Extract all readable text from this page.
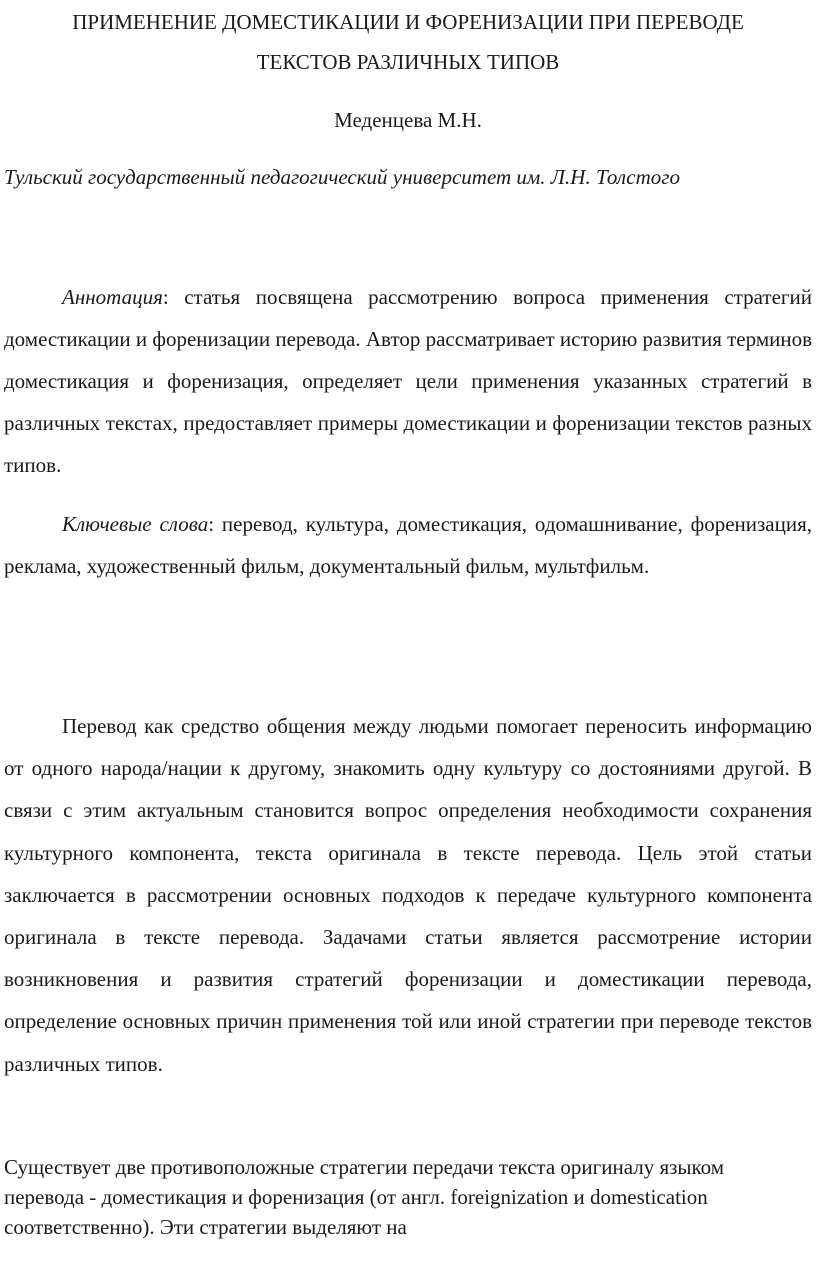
ПРИМЕНЕНИЕ ДОМЕСТИКАЦИИ И ФОРЕНИЗАЦИИ ПРИ ПЕРЕВОДЕ
ТЕКСТОВ РАЗЛИЧНЫХ ТИПОВ

Меденцева М.Н.

Тульский государственный педагогический университет им. Л.Н. Толстого

Аннотация: статья посвящена рассмотрению вопроса применения стратегий доместикации и форенизации перевода. Автор рассматривает историю развития терминов доместикация и форенизация, определяет цели применения указанных стратегий в различных текстах, предоставляет примеры доместикации и форенизации текстов разных типов.

Ключевые слова: перевод, культура, доместикация, одомашнивание, форенизация, реклама, художественный фильм, документальный фильм, мультфильм.

Перевод как средство общения между людьми помогает переносить информацию от одного народа/нации к другому, знакомить одну культуру со достояниями другой. В связи с этим актуальным становится вопрос определения необходимости сохранения культурного компонента, текста оригинала в тексте перевода. Цель этой статьи заключается в рассмотрении основных подходов к передаче культурного компонента оригинала в тексте перевода. Задачами статьи является рассмотрение истории возникновения и развития стратегий форенизации и доместикации перевода, определение основных причин применения той или иной стратегии при переводе текстов различных типов.

Существует две противоположные стратегии передачи текста оригиналу языком перевода - доместикация и форенизация (от англ. foreignization и domestication соответственно). Эти стратегии выделяют на
